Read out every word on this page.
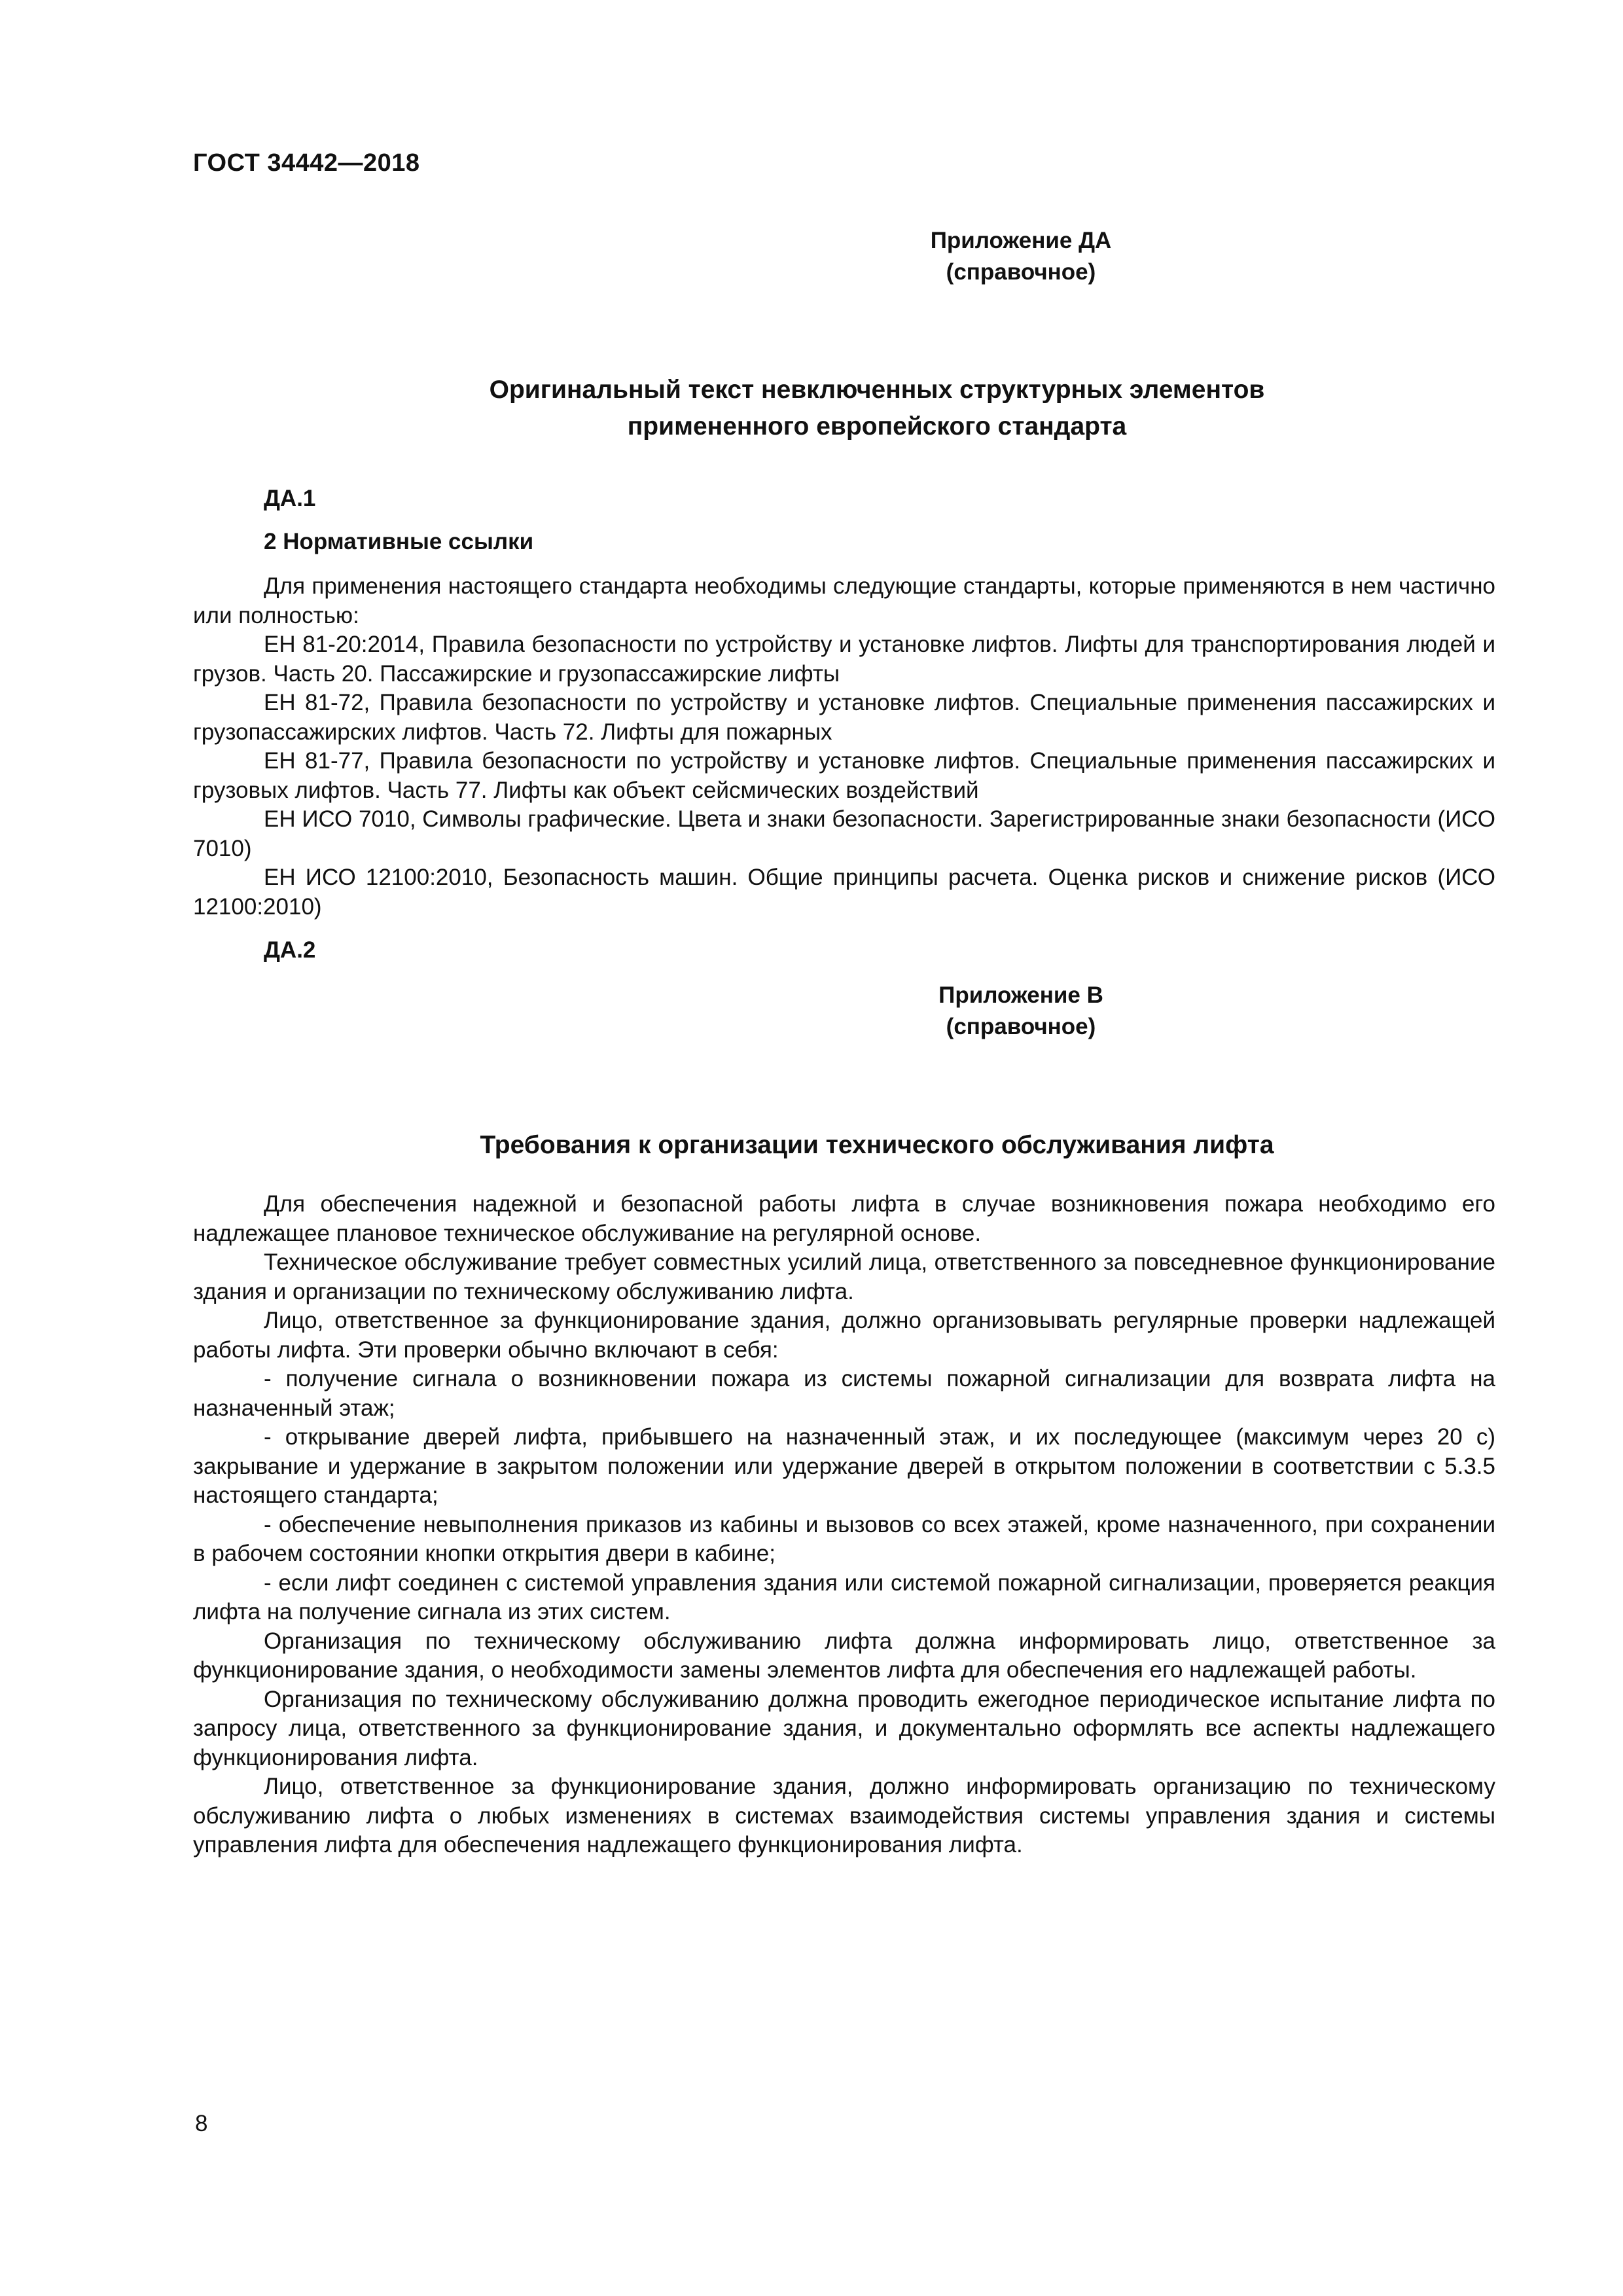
ГОСТ 34442—2018
Приложение ДА
(справочное)
Оригинальный текст невключенных структурных элементов
примененного европейского стандарта
ДА.1
2 Нормативные ссылки

Для применения настоящего стандарта необходимы следующие стандарты, которые применяются в нем частично или полностью:

ЕН 81-20:2014, Правила безопасности по устройству и установке лифтов. Лифты для транспортирования людей и грузов. Часть 20. Пассажирские и грузопассажирские лифты

ЕН 81-72, Правила безопасности по устройству и установке лифтов. Специальные применения пассажирских и грузопассажирских лифтов. Часть 72. Лифты для пожарных

ЕН 81-77, Правила безопасности по устройству и установке лифтов. Специальные применения пассажирских и грузовых лифтов. Часть 77. Лифты как объект сейсмических воздействий

ЕН ИСО 7010, Символы графические. Цвета и знаки безопасности. Зарегистрированные знаки безопасности (ИСО 7010)

ЕН ИСО 12100:2010, Безопасность машин. Общие принципы расчета. Оценка рисков и снижение рисков (ИСО 12100:2010)

ДА.2
Приложение В
(справочное)
Требования к организации технического обслуживания лифта

Для обеспечения надежной и безопасной работы лифта в случае возникновения пожара необходимо его надлежащее плановое техническое обслуживание на регулярной основе.

Техническое обслуживание требует совместных усилий лица, ответственного за повседневное функционирование здания и организации по техническому обслуживанию лифта.

Лицо, ответственное за функционирование здания, должно организовывать регулярные проверки надлежащей работы лифта. Эти проверки обычно включают в себя:

- получение сигнала о возникновении пожара из системы пожарной сигнализации для возврата лифта на назначенный этаж;

- открывание дверей лифта, прибывшего на назначенный этаж, и их последующее (максимум через 20 с) закрывание и удержание в закрытом положении или удержание дверей в открытом положении в соответствии с 5.3.5 настоящего стандарта;

- обеспечение невыполнения приказов из кабины и вызовов со всех этажей, кроме назначенного, при сохранении в рабочем состоянии кнопки открытия двери в кабине;

- если лифт соединен с системой управления здания или системой пожарной сигнализации, проверяется реакция лифта на получение сигнала из этих систем.

Организация по техническому обслуживанию лифта должна информировать лицо, ответственное за функционирование здания, о необходимости замены элементов лифта для обеспечения его надлежащей работы.

Организация по техническому обслуживанию должна проводить ежегодное периодическое испытание лифта по запросу лица, ответственного за функционирование здания, и документально оформлять все аспекты надлежащего функционирования лифта.

Лицо, ответственное за функционирование здания, должно информировать организацию по техническому обслуживанию лифта о любых изменениях в системах взаимодействия системы управления здания и системы управления лифта для обеспечения надлежащего функционирования лифта.

8
